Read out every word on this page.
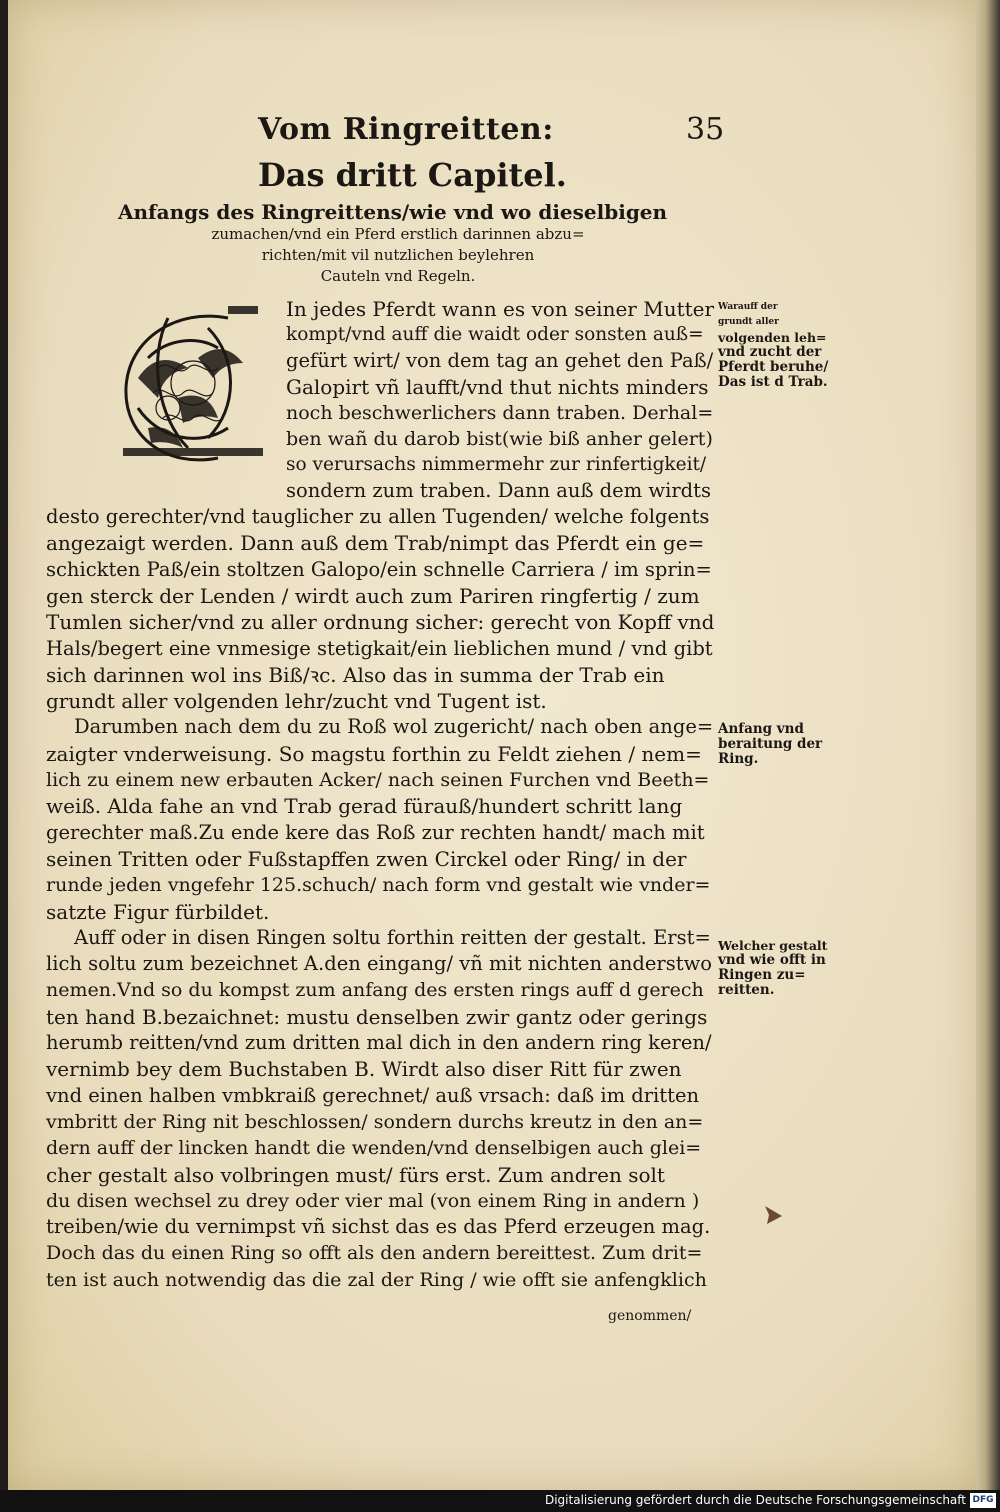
Vom Ringreitten:	35
Das dritt Capitel.
Anfangs des Ringreittens/wie vnd wo dieselbigen
zumachen/vnd ein Pferd erstlich darinnen abzu=
richten/mit vil nutzlichen beylehren
Cauteln vnd Regeln.
In jedes Pferdt wann es von seiner Mutter
kompt/vnd auff die waidt oder sonsten auß=
gefürt wirt/ von dem tag an gehet den Paß/
Galopirt vñ laufft/vnd thut nichts minders
noch beschwerlichers dann traben. Derhal=
ben wañ du darob bist(wie biß anher gelert)
so verursachs nimmermehr zur rinfertigkeit/
sondern zum traben. Dann auß dem wirdts
desto gerechter/vnd tauglicher zu allen Tugenden/ welche folgents
angezaigt werden. Dann auß dem Trab/nimpt das Pferdt ein ge=
schickten Paß/ein stoltzen Galopo/ein schnelle Carriera / im sprin=
gen sterck der Lenden / wirdt auch zum Pariren ringfertig / zum
Tumlen sicher/vnd zu aller ordnung sicher: gerecht von Kopff vnd
Hals/begert eine vnmesige stetigkait/ein lieblichen mund / vnd gibt
sich darinnen wol ins Biß/ꝛc. Also das in summa der Trab ein
grundt aller volgenden lehr/zucht vnd Tugent ist.
Darumben nach dem du zu Roß wol zugericht/ nach oben ange=
zaigter vnderweisung. So magstu forthin zu Feldt ziehen / nem=
lich zu einem new erbauten Acker/ nach seinen Furchen vnd Beeth=
weiß. Alda fahe an vnd Trab gerad fürauß/hundert schritt lang
gerechter maß.Zu ende kere das Roß zur rechten handt/ mach mit
seinen Tritten oder Fußstapffen zwen Circkel oder Ring/ in der
runde jeden vngefehr 125.schuch/ nach form vnd gestalt wie vnder=
satzte Figur fürbildet.
Auff oder in disen Ringen soltu forthin reitten der gestalt. Erst=
lich soltu zum bezeichnet A.den eingang/ vñ mit nichten anderstwo
nemen.Vnd so du kompst zum anfang des ersten rings auff d gerech
ten hand B.bezaichnet: mustu denselben zwir gantz oder gerings
herumb reitten/vnd zum dritten mal dich in den andern ring keren/
vernimb bey dem Buchstaben B. Wirdt also diser Ritt für zwen
vnd einen halben vmbkraiß gerechnet/ auß vrsach: daß im dritten
vmbritt der Ring nit beschlossen/ sondern durchs kreutz in den an=
dern auff der lincken handt die wenden/vnd denselbigen auch glei=
cher gestalt also volbringen must/ fürs erst. Zum andren solt
du disen wechsel zu drey oder vier mal (von einem Ring in andern )
treiben/wie du vernimpst vñ sichst das es das Pferd erzeugen mag.
Doch das du einen Ring so offt als den andern bereittest. Zum drit=
ten ist auch notwendig das die zal der Ring / wie offt sie anfengklich
Warauff der
grundt aller
volgenden leh=
vnd zucht der
Pferdt beruhe/
Das ist d Trab.
Anfang vnd
beraitung der
Ring.
Welcher gestalt
vnd wie offt in
Ringen zu=
reitten.
genommen/
Digitalisierung gefördert durch die Deutsche Forschungsgemeinschaft DFG
